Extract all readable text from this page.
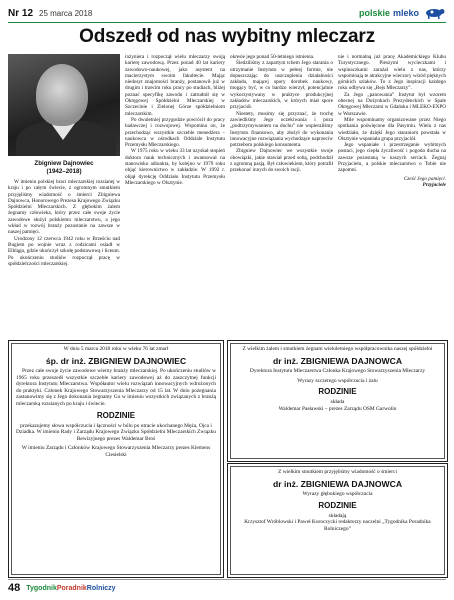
Nr 12 25 marca 2018	polskie mleko
Odszedł od nas wybitny mleczarz
Zbigniew Dajnowiec
(1942–2018)

W imieniu polskiej braci mleczarskiej rozsianej w kraju i po całym świecie, z ogromnym smutkiem przyjęliśmy wiadomość o śmierci Zbigniewa Dajnowca, Honorowego Prezesa Krajowego Związku Spółdzielni Mleczarskich. Z głębokim żalem żegnamy człowieka, który przez całe swoje życie zawodowe służył polskiemu mleczarstwu, a jego wkład w rozwój branży pozostanie na zawsze w naszej pamięci.

Urodzony 12 czerwca 1942 roku w Brześciu nad Bugiem po wojnie wraz z rodzicami osiadł w Elblągu, gdzie ukończył szkołę podstawową i liceum. Po ukończeniu studiów rozpoczął pracę w spółdzielczości mleczarskiej.

inżyniera i rozpoczął wielu mleczarzy swoją karierę zawodową. Przez ponad 40 lat kariery zawodowo-naukowej, jako asystent na macierzystym swoim fakultecie. Mając niedosyt znajomości branży, postanowił już w drugim i trzecim roku pracy po studiach, bliżej poznać specyfikę zawodu i zatrudnił się w Okręgowej Spółdzielni Mleczarskiej w Szczecinie i Zielonej Górze spółdzielniom mleczarskim.

Po dwuletniej przygodzie powrócił do pracy badawczej i rozwojowej. Wspomina on, że przechodząc wszystkie szczeble menedżera – naukowca w ośrodkach Oddziale Instytutu Przemysłu Mleczarskiego.

W 1975 roku w wieku 33 lat uzyskał stopień doktora nauk technicznych i awansował na stanowisko adiunkta, by kolejno w 1979 roku objąć kierownictwo w zakładzie. W 1992 r. objął dyrekcję Oddziału Instytutu Przemysłu Mleczarskiego w Olsztynie.

okresie jego ponad 50-letniego istnienia.

Śledziliśmy z zapartym tchem Jego starania o utrzymanie Instytutu w pełnej formie, nie dopuszczając do uszczuplenia działalności zakładu, mającej spory dorobek naukowy, mogący być, w co bardzo wierzył, potencjalnie wykorzystywany w praktyce produkcyjnej zakładów mleczarskich, w których miał spore przyjaciół.

Niestety, musimy się przyznać, że trochę zawiedliśmy Jego oczekiwania i poza „podtrzymywaniem na duchu” nie wspieraliśmy Instytutu finansowo, aby złożył do wykonania innowacyjne rozwiązania wychodzące naprzeciw potrzebom polskiego konsumenta.

Zbigniew Dajnowiec we wszystkie swoje obowiązki, jakie stawiał przed sobą, podchodził z ogromną pasją. Był człowiekiem, który potrafił przekonać innych do swoich racji.

nie i normalną już pracę Akademickiego Klubu Turystycznego. Pieszymi wycieczkami i wspinaczkami zarażał wielu z nas, którzy wspominają te atrakcyjne wieczory wśród pięknych górskich szlaków. To z Jego inspiracji każdego roku odbywa się „Rejs Mleczarzy”.

Za Jego „panowania” Instytut był wzorem obecnej na Dożynkach Prezydenckich w Spale Okręgowej Mleczarni w Gdańsku i MLEKO-EXPO w Warszawie.

Mile wspominamy organizowane przez Niego spotkania poświęcone dla Pasymiu. Wielu z nas wiedziało, że dzięki Jego staraniom powstała w Olsztynie wspaniała grupa przyjaciół.

Jego wspaniałe i przestrzeganie wybitnych postaci, jego ciepła życzliwość i pogoda ducha na zawsze pozostaną w naszych sercach. Żegnaj Przyjacielu, a polskie mleczarstwo o Tobie nie zapomni.

Cześć Jego pamięci.
Przyjaciele

W dniu 5 marca 2018 roku w wieku 76 lat zmarł

śp. dr inż. ZBIGNIEW DAJNOWIEC

Przez całe swoje życie zawodowe wierny branży mleczarskiej. Po ukończeniu studiów w 1965 roku przeszedł wszystkie szczeble kariery zawodowej aż do zaszczytnej funkcji dyrektora Instytutu Mleczarstwa. Współautor wielu rozwiązań innowacyjnych wdrożonych do praktyki. Członek Krajowego Stowarzyszenia Mleczarzy od 15 lat. W dniu pożegnania zastanowimy się z Jego dokonania żegnamy Go w imieniu wszystkich związanych z branżą mleczarską rozsianych po kraju i świecie.

RODZINIE

przekazujemy słowa współczucia i łączności w bólu po utracie ukochanego Męża, Ojca i Dziadka. W imieniu Rady i Zarządu Krajowego Związku Spółdzielni Mleczarskich Związku Rewizyjnego prezes Waldemar Broś

W imieniu Zarządu i Członków Krajowego Stowarzyszenia Mleczarzy prezes Klemens Ciesielski

Z wielkim żalem i smutkiem żegnam wieloletniego współpracownika naszej spółdzielni

dr inż. ZBIGNIEWA DAJNOWCA

Dyrektora Instytutu Mleczarstwa Członka Krajowego Stowarzyszenia Mleczarzy

Wyrazy szczerego współczucia i żalu

RODZINIE

składa

Waldemar Pasławski – prezes Zarządu OSM Garwolin

Z wielkim smutkiem przyjęliśmy wiadomość o śmierci

dr inż. ZBIGNIEWA DAJNOWCA

Wyrazy głębokiego współczucia

RODZINIE

składają

Krzysztof Wróblowski i Paweł Kuroczycki redaktorzy naczelni „Tygodnika Poradnika Rolniczego”

48 TygodnikPoradnikRolniczy
